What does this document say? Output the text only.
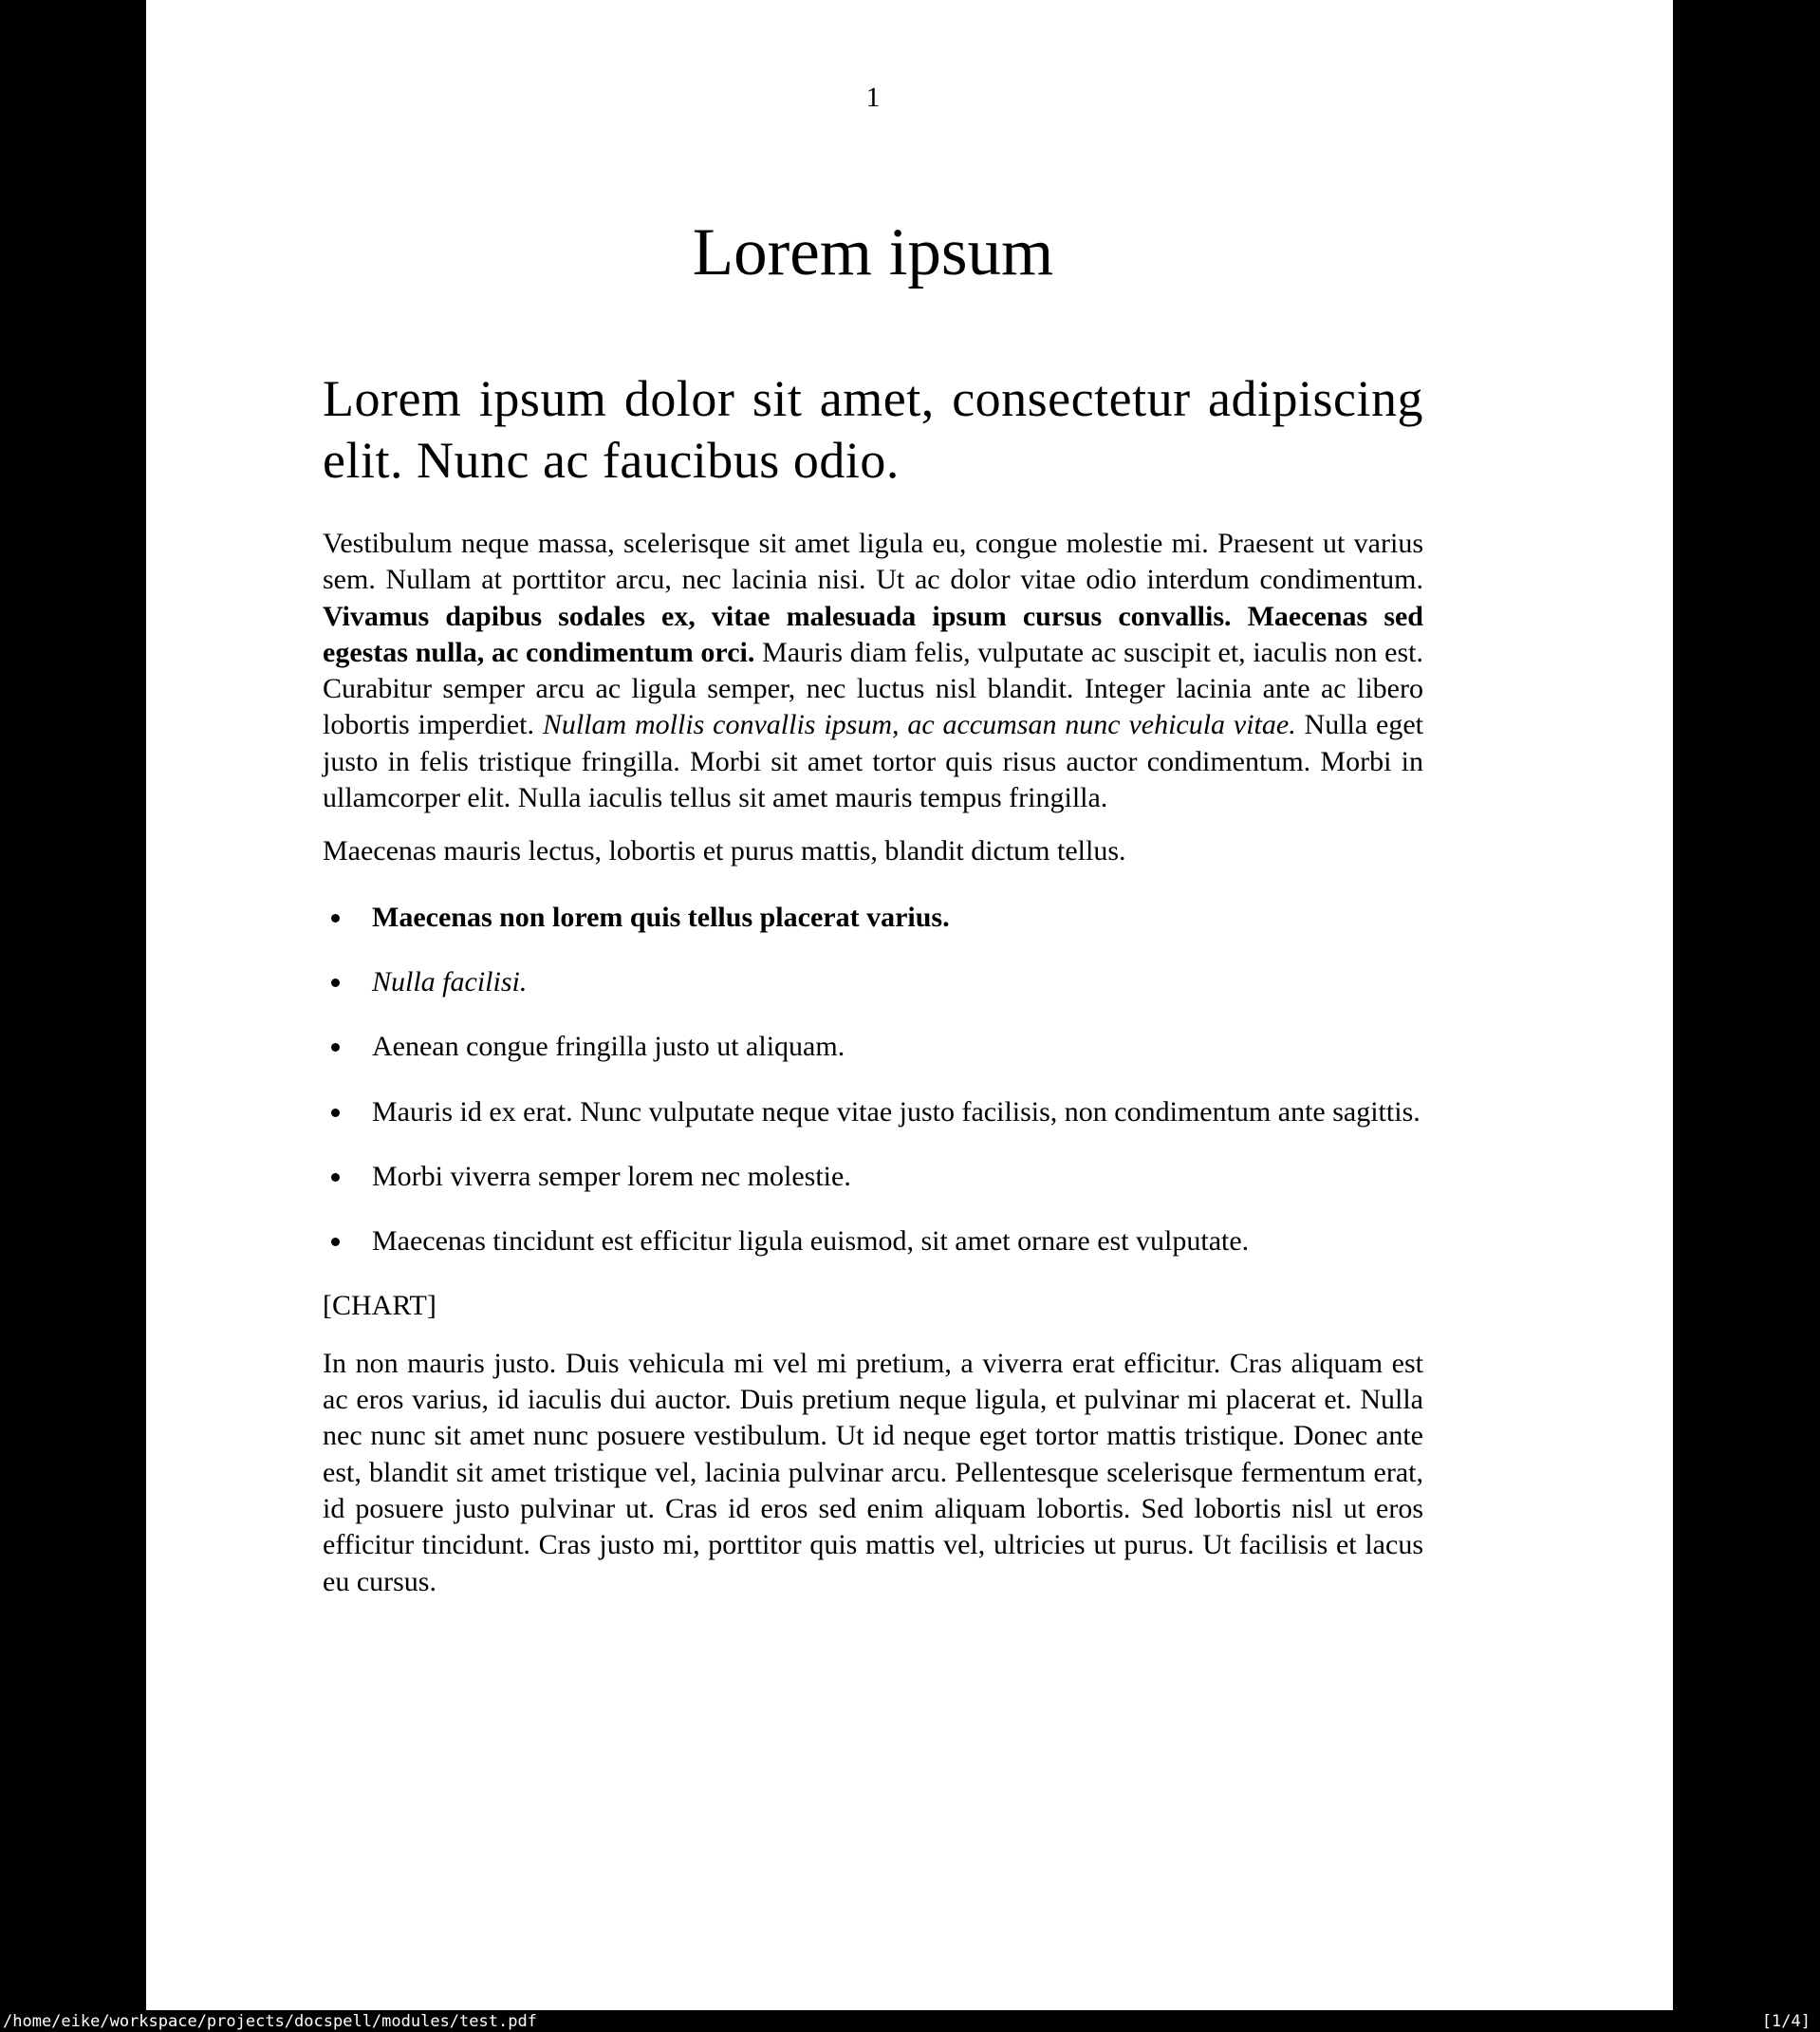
1
Lorem ipsum
Lorem ipsum dolor sit amet, consectetur adipiscing elit. Nunc ac faucibus odio.

Vestibulum neque massa, scelerisque sit amet ligula eu, congue molestie mi. Praesent ut varius sem. Nullam at porttitor arcu, nec lacinia nisi. Ut ac dolor vitae odio interdum condimentum. Vivamus dapibus sodales ex, vitae malesuada ipsum cursus convallis. Maecenas sed egestas nulla, ac condimentum orci. Mauris diam felis, vulputate ac suscipit et, iaculis non est. Curabitur semper arcu ac ligula semper, nec luctus nisl blandit. Integer lacinia ante ac libero lobortis imperdiet. Nullam mollis convallis ipsum, ac accumsan nunc vehicula vitae. Nulla eget justo in felis tristique fringilla. Morbi sit amet tortor quis risus auctor condimentum. Morbi in ullamcorper elit. Nulla iaculis tellus sit amet mauris tempus fringilla.

Maecenas mauris lectus, lobortis et purus mattis, blandit dictum tellus.

Maecenas non lorem quis tellus placerat varius.
Nulla facilisi.
Aenean congue fringilla justo ut aliquam.
Mauris id ex erat. Nunc vulputate neque vitae justo facilisis, non condimentum ante sagittis.
Morbi viverra semper lorem nec molestie.
Maecenas tincidunt est efficitur ligula euismod, sit amet ornare est vulputate.

[CHART]

In non mauris justo. Duis vehicula mi vel mi pretium, a viverra erat efficitur. Cras aliquam est ac eros varius, id iaculis dui auctor. Duis pretium neque ligula, et pulvinar mi placerat et. Nulla nec nunc sit amet nunc posuere vestibulum. Ut id neque eget tortor mattis tristique. Donec ante est, blandit sit amet tristique vel, lacinia pulvinar arcu. Pellentesque scelerisque fermentum erat, id posuere justo pulvinar ut. Cras id eros sed enim aliquam lobortis. Sed lobortis nisl ut eros efficitur tincidunt. Cras justo mi, porttitor quis mattis vel, ultricies ut purus. Ut facilisis et lacus eu cursus.

/home/eike/workspace/projects/docspell/modules/test.pdf	[1/4]
